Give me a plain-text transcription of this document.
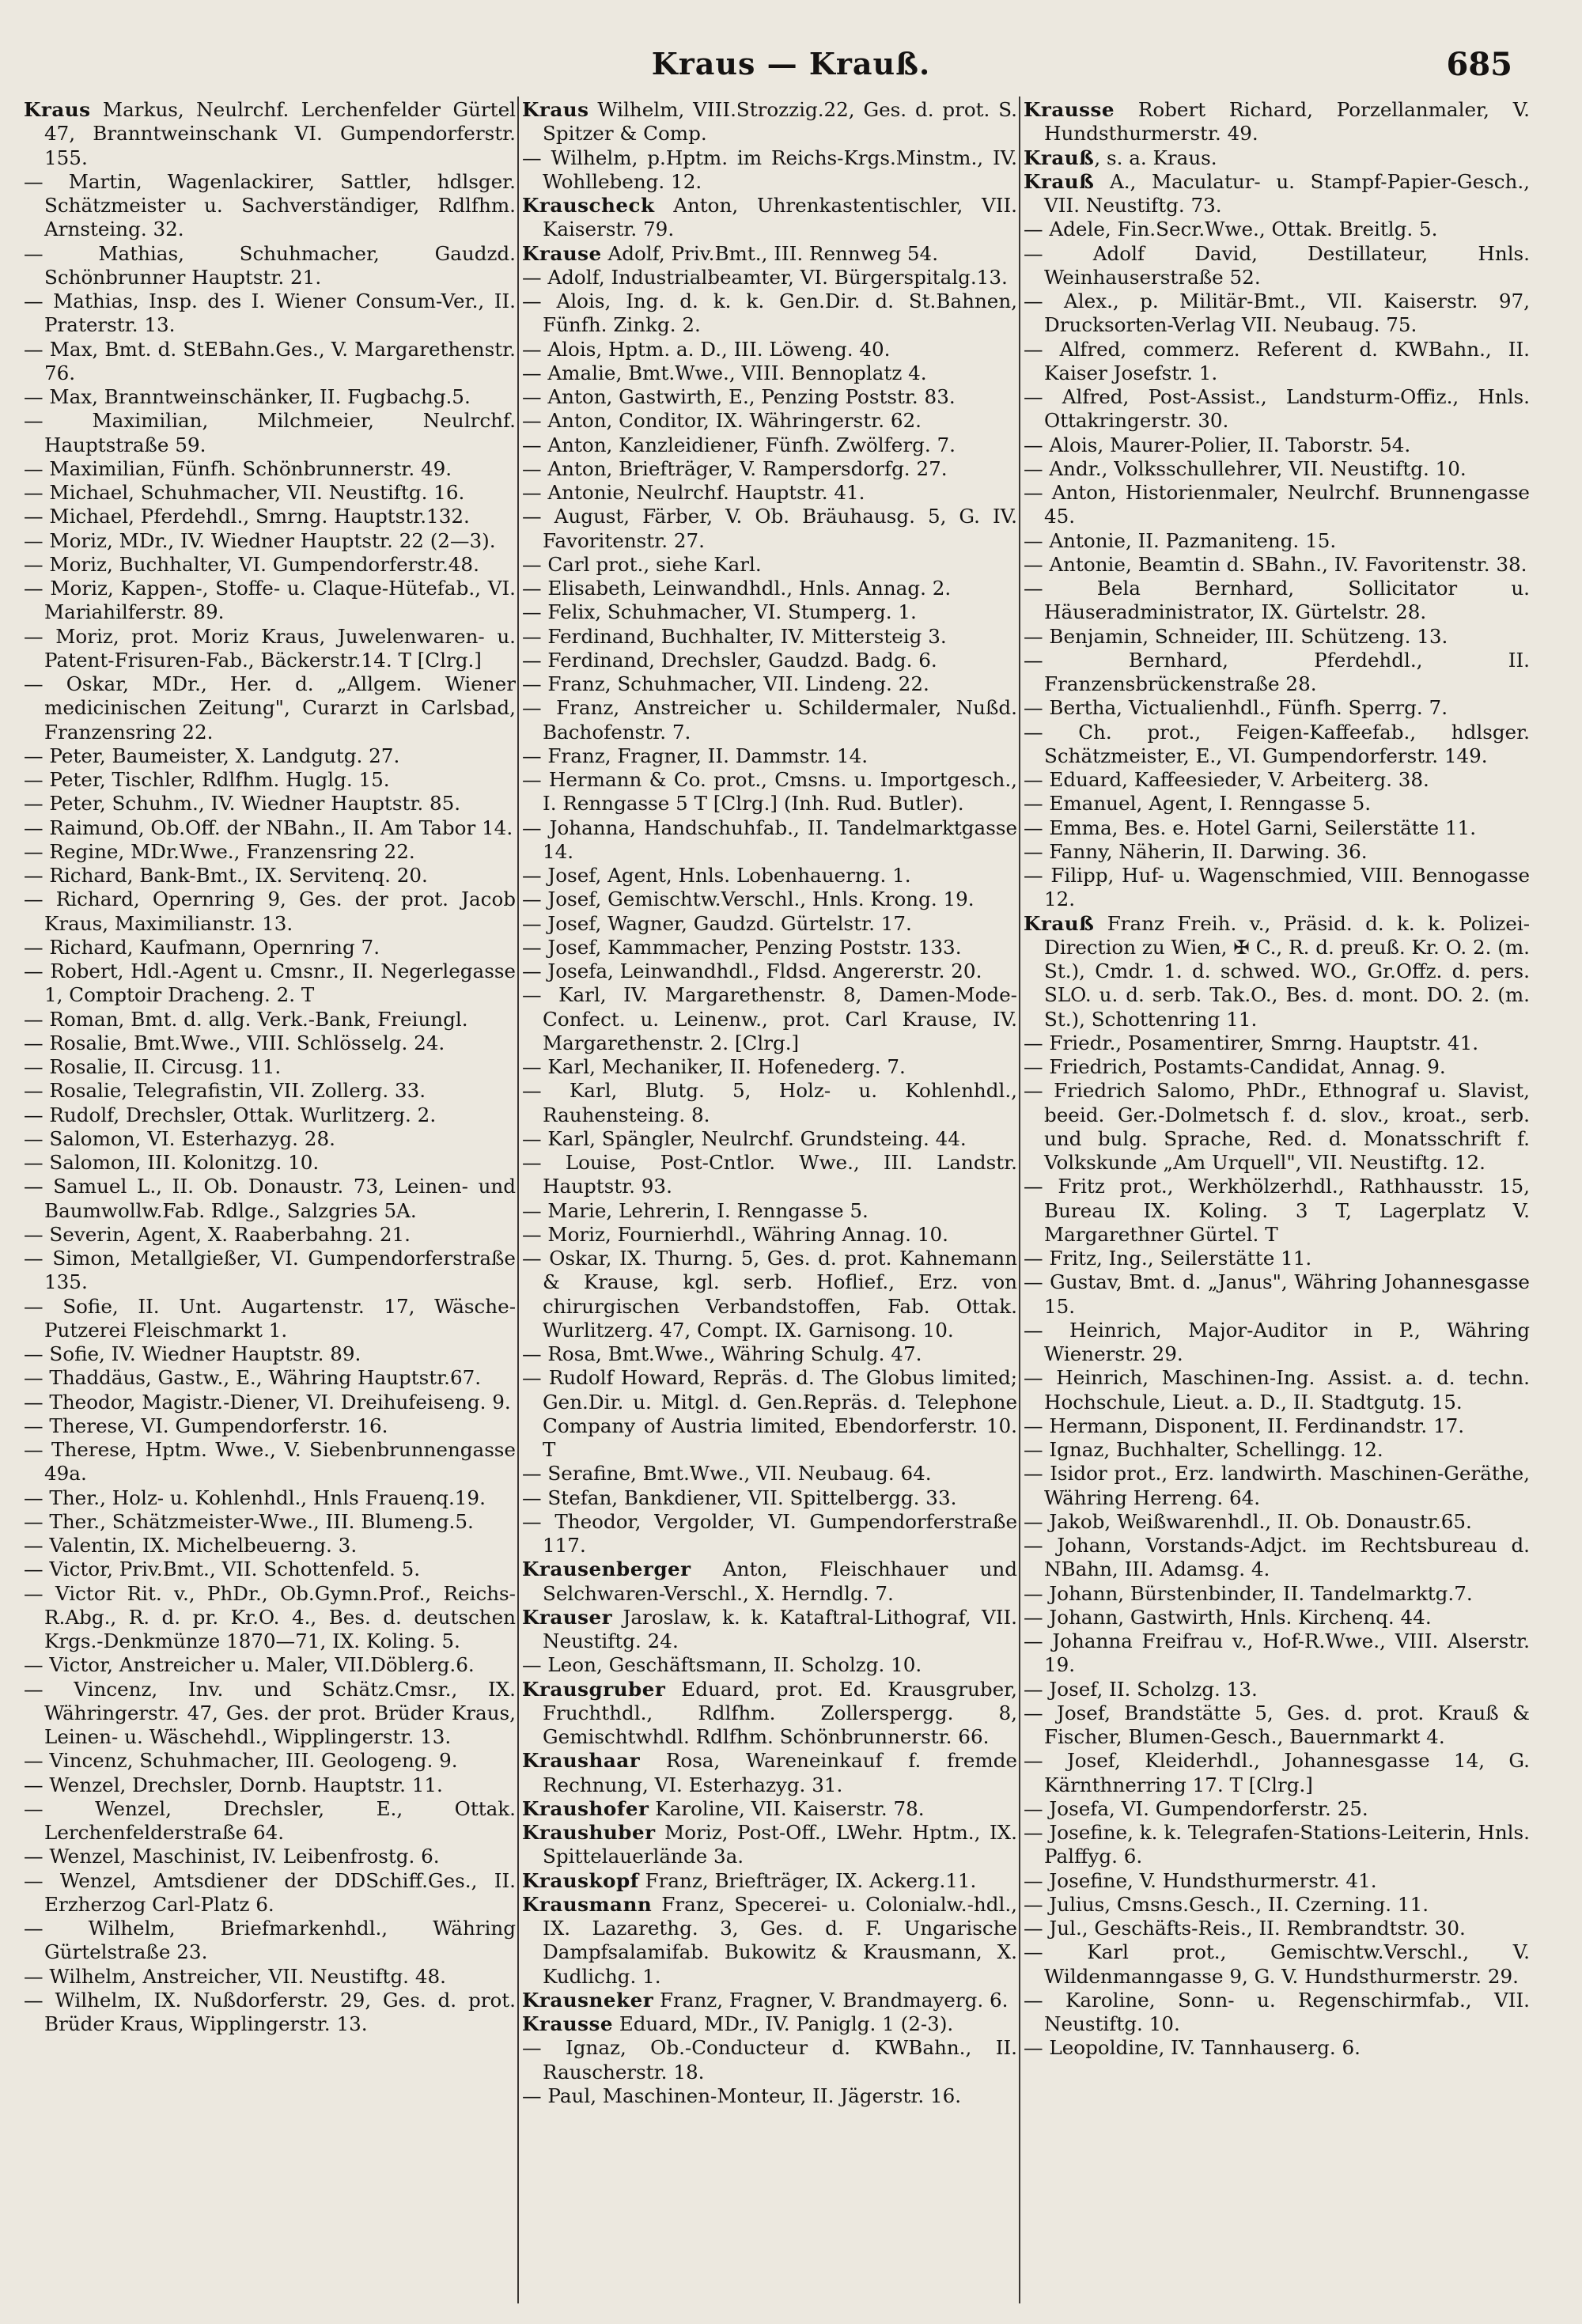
Kraus — Krauß.	685
Kraus Markus, Neulrchf. Lerchenfelder Gürtel 47, Branntweinschank VI. Gumpendorferstr. 155.
— Martin, Wagenlackirer, Sattler, hdlsger. Schätzmeister u. Sachverständiger, Rdlfhm. Arnsteing. 32.
— Mathias, Schuhmacher, Gaudzd. Schönbrunner Hauptstr. 21.
— Mathias, Insp. des I. Wiener Consum-Ver., II. Praterstr. 13.
— Max, Bmt. d. StEBahn.Ges., V. Margarethenstr. 76.
— Max, Branntweinschänker, II. Fugbachg.5.
— Maximilian, Milchmeier, Neulrchf. Hauptstraße 59.
— Maximilian, Fünfh. Schönbrunnerstr. 49.
— Michael, Schuhmacher, VII. Neustiftg. 16.
— Michael, Pferdehdl., Smrng. Hauptstr.132.
— Moriz, MDr., IV. Wiedner Hauptstr. 22 (2—3).
— Moriz, Buchhalter, VI. Gumpendorferstr.48.
— Moriz, Kappen-, Stoffe- u. Claque-Hütefab., VI. Mariahilferstr. 89.
— Moriz, prot. Moriz Kraus, Juwelenwaren- u. Patent-Frisuren-Fab., Bäckerstr.14. T [Clrg.]
— Oskar, MDr., Her. d. „Allgem. Wiener medicinischen Zeitung", Curarzt in Carlsbad, Franzensring 22.
— Peter, Baumeister, X. Landgutg. 27.
— Peter, Tischler, Rdlfhm. Huglg. 15.
— Peter, Schuhm., IV. Wiedner Hauptstr. 85.
— Raimund, Ob.Off. der NBahn., II. Am Tabor 14.
— Regine, MDr.Wwe., Franzensring 22.
— Richard, Bank-Bmt., IX. Servitenq. 20.
— Richard, Opernring 9, Ges. der prot. Jacob Kraus, Maximilianstr. 13.
— Richard, Kaufmann, Opernring 7.
— Robert, Hdl.-Agent u. Cmsnr., II. Negerlegasse 1, Comptoir Dracheng. 2. T
— Roman, Bmt. d. allg. Verk.-Bank, Freiungl.
— Rosalie, Bmt.Wwe., VIII. Schlösselg. 24.
— Rosalie, II. Circusg. 11.
— Rosalie, Telegrafistin, VII. Zollerg. 33.
— Rudolf, Drechsler, Ottak. Wurlitzerg. 2.
— Salomon, VI. Esterhazyg. 28.
— Salomon, III. Kolonitzg. 10.
— Samuel L., II. Ob. Donaustr. 73, Leinen- und Baumwollw.Fab. Rdlge., Salzgries 5A.
— Severin, Agent, X. Raaberbahng. 21.
— Simon, Metallgießer, VI. Gumpendorferstraße 135.
— Sofie, II. Unt. Augartenstr. 17, Wäsche-Putzerei Fleischmarkt 1.
— Sofie, IV. Wiedner Hauptstr. 89.
— Thaddäus, Gastw., E., Währing Hauptstr.67.
— Theodor, Magistr.-Diener, VI. Dreihufeiseng. 9.
— Therese, VI. Gumpendorferstr. 16.
— Therese, Hptm. Wwe., V. Siebenbrunnengasse 49a.
— Ther., Holz- u. Kohlenhdl., Hnls Frauenq.19.
— Ther., Schätzmeister-Wwe., III. Blumeng.5.
— Valentin, IX. Michelbeuerng. 3.
— Victor, Priv.Bmt., VII. Schottenfeld. 5.
— Victor Rit. v., PhDr., Ob.Gymn.Prof., Reichs-R.Abg., R. d. pr. Kr.O. 4., Bes. d. deutschen Krgs.-Denkmünze 1870—71, IX. Koling. 5.
— Victor, Anstreicher u. Maler, VII.Döblerg.6.
— Vincenz, Inv. und Schätz.Cmsr., IX. Währingerstr. 47, Ges. der prot. Brüder Kraus, Leinen- u. Wäschehdl., Wipplingerstr. 13.
— Vincenz, Schuhmacher, III. Geologeng. 9.
— Wenzel, Drechsler, Dornb. Hauptstr. 11.
— Wenzel, Drechsler, E., Ottak. Lerchenfelderstraße 64.
— Wenzel, Maschinist, IV. Leibenfrostg. 6.
— Wenzel, Amtsdiener der DDSchiff.Ges., II. Erzherzog Carl-Platz 6.
— Wilhelm, Briefmarkenhdl., Währing Gürtelstraße 23.
— Wilhelm, Anstreicher, VII. Neustiftg. 48.
— Wilhelm, IX. Nußdorferstr. 29, Ges. d. prot. Brüder Kraus, Wipplingerstr. 13.
Kraus Wilhelm, VIII.Strozzig.22, Ges. d. prot. S. Spitzer & Comp.
— Wilhelm, p.Hptm. im Reichs-Krgs.Minstm., IV. Wohllebeng. 12.
Krauscheck Anton, Uhrenkastentischler, VII. Kaiserstr. 79.
Krause Adolf, Priv.Bmt., III. Rennweg 54.
— Adolf, Industrialbeamter, VI. Bürgerspitalg.13.
— Alois, Ing. d. k. k. Gen.Dir. d. St.Bahnen, Fünfh. Zinkg. 2.
— Alois, Hptm. a. D., III. Löweng. 40.
— Amalie, Bmt.Wwe., VIII. Bennoplatz 4.
— Anton, Gastwirth, E., Penzing Poststr. 83.
— Anton, Conditor, IX. Währingerstr. 62.
— Anton, Kanzleidiener, Fünfh. Zwölferg. 7.
— Anton, Briefträger, V. Rampersdorfg. 27.
— Antonie, Neulrchf. Hauptstr. 41.
— August, Färber, V. Ob. Bräuhausg. 5, G. IV. Favoritenstr. 27.
— Carl prot., siehe Karl.
— Elisabeth, Leinwandhdl., Hnls. Annag. 2.
— Felix, Schuhmacher, VI. Stumperg. 1.
— Ferdinand, Buchhalter, IV. Mittersteig 3.
— Ferdinand, Drechsler, Gaudzd. Badg. 6.
— Franz, Schuhmacher, VII. Lindeng. 22.
— Franz, Anstreicher u. Schildermaler, Nußd. Bachofenstr. 7.
— Franz, Fragner, II. Dammstr. 14.
— Hermann & Co. prot., Cmsns. u. Importgesch., I. Renngasse 5 T [Clrg.] (Inh. Rud. Butler).
— Johanna, Handschuhfab., II. Tandelmarktgasse 14.
— Josef, Agent, Hnls. Lobenhauerng. 1.
— Josef, Gemischtw.Verschl., Hnls. Krong. 19.
— Josef, Wagner, Gaudzd. Gürtelstr. 17.
— Josef, Kammmacher, Penzing Poststr. 133.
— Josefa, Leinwandhdl., Fldsd. Angererstr. 20.
— Karl, IV. Margarethenstr. 8, Damen-Mode-Confect. u. Leinenw., prot. Carl Krause, IV. Margarethenstr. 2. [Clrg.]
— Karl, Mechaniker, II. Hofenederg. 7.
— Karl, Blutg. 5, Holz- u. Kohlenhdl., Rauhensteing. 8.
— Karl, Spängler, Neulrchf. Grundsteing. 44.
— Louise, Post-Cntlor. Wwe., III. Landstr. Hauptstr. 93.
— Marie, Lehrerin, I. Renngasse 5.
— Moriz, Fournierhdl., Währing Annag. 10.
— Oskar, IX. Thurng. 5, Ges. d. prot. Kahnemann & Krause, kgl. serb. Hoflief., Erz. von chirurgischen Verbandstoffen, Fab. Ottak. Wurlitzerg. 47, Compt. IX. Garnisong. 10.
— Rosa, Bmt.Wwe., Währing Schulg. 47.
— Rudolf Howard, Repräs. d. The Globus limited; Gen.Dir. u. Mitgl. d. Gen.Repräs. d. Telephone Company of Austria limited, Ebendorferstr. 10. T
— Serafine, Bmt.Wwe., VII. Neubaug. 64.
— Stefan, Bankdiener, VII. Spittelbergg. 33.
— Theodor, Vergolder, VI. Gumpendorferstraße 117.
Krausenberger Anton, Fleischhauer und Selchwaren-Verschl., X. Herndlg. 7.
Krauser Jaroslaw, k. k. Kataftral-Lithograf, VII. Neustiftg. 24.
— Leon, Geschäftsmann, II. Scholzg. 10.
Krausgruber Eduard, prot. Ed. Krausgruber, Fruchthdl., Rdlfhm. Zollerspergg. 8, Gemischtwhdl. Rdlfhm. Schönbrunnerstr. 66.
Kraushaar Rosa, Wareneinkauf f. fremde Rechnung, VI. Esterhazyg. 31.
Kraushofer Karoline, VII. Kaiserstr. 78.
Kraushuber Moriz, Post-Off., LWehr. Hptm., IX. Spittelauerlände 3a.
Krauskopf Franz, Briefträger, IX. Ackerg.11.
Krausmann Franz, Specerei- u. Colonialw.-hdl., IX. Lazarethg. 3, Ges. d. F. Ungarische Dampfsalamifab. Bukowitz & Krausmann, X. Kudlichg. 1.
Krausneker Franz, Fragner, V. Brandmayerg. 6.
Krausse Eduard, MDr., IV. Paniglg. 1 (2-3).
— Ignaz, Ob.-Conducteur d. KWBahn., II. Rauscherstr. 18.
— Paul, Maschinen-Monteur, II. Jägerstr. 16.
Krausse Robert Richard, Porzellanmaler, V. Hundsthurmerstr. 49.
Krauß, s. a. Kraus.
Krauß A., Maculatur- u. Stampf-Papier-Gesch., VII. Neustiftg. 73.
— Adele, Fin.Secr.Wwe., Ottak. Breitlg. 5.
— Adolf David, Destillateur, Hnls. Weinhauserstraße 52.
— Alex., p. Militär-Bmt., VII. Kaiserstr. 97, Drucksorten-Verlag VII. Neubaug. 75.
— Alfred, commerz. Referent d. KWBahn., II. Kaiser Josefstr. 1.
— Alfred, Post-Assist., Landsturm-Offiz., Hnls. Ottakringerstr. 30.
— Alois, Maurer-Polier, II. Taborstr. 54.
— Andr., Volksschullehrer, VII. Neustiftg. 10.
— Anton, Historienmaler, Neulrchf. Brunnengasse 45.
— Antonie, II. Pazmaniteng. 15.
— Antonie, Beamtin d. SBahn., IV. Favoritenstr. 38.
— Bela Bernhard, Sollicitator u. Häuseradministrator, IX. Gürtelstr. 28.
— Benjamin, Schneider, III. Schützeng. 13.
— Bernhard, Pferdehdl., II. Franzensbrückenstraße 28.
— Bertha, Victualienhdl., Fünfh. Sperrg. 7.
— Ch. prot., Feigen-Kaffeefab., hdlsger. Schätzmeister, E., VI. Gumpendorferstr. 149.
— Eduard, Kaffeesieder, V. Arbeiterg. 38.
— Emanuel, Agent, I. Renngasse 5.
— Emma, Bes. e. Hotel Garni, Seilerstätte 11.
— Fanny, Näherin, II. Darwing. 36.
— Filipp, Huf- u. Wagenschmied, VIII. Bennogasse 12.
Krauß Franz Freih. v., Präsid. d. k. k. Polizei-Direction zu Wien, ✠ C., R. d. preuß. Kr. O. 2. (m. St.), Cmdr. 1. d. schwed. WO., Gr.Offz. d. pers. SLO. u. d. serb. Tak.O., Bes. d. mont. DO. 2. (m. St.), Schottenring 11.
— Friedr., Posamentirer, Smrng. Hauptstr. 41.
— Friedrich, Postamts-Candidat, Annag. 9.
— Friedrich Salomo, PhDr., Ethnograf u. Slavist, beeid. Ger.-Dolmetsch f. d. slov., kroat., serb. und bulg. Sprache, Red. d. Monatsschrift f. Volkskunde „Am Urquell", VII. Neustiftg. 12.
— Fritz prot., Werkhölzerhdl., Rathhausstr. 15, Bureau IX. Koling. 3 T, Lagerplatz V. Margarethner Gürtel. T
— Fritz, Ing., Seilerstätte 11.
— Gustav, Bmt. d. „Janus", Währing Johannesgasse 15.
— Heinrich, Major-Auditor in P., Währing Wienerstr. 29.
— Heinrich, Maschinen-Ing. Assist. a. d. techn. Hochschule, Lieut. a. D., II. Stadtgutg. 15.
— Hermann, Disponent, II. Ferdinandstr. 17.
— Ignaz, Buchhalter, Schellingg. 12.
— Isidor prot., Erz. landwirth. Maschinen-Geräthe, Währing Herreng. 64.
— Jakob, Weißwarenhdl., II. Ob. Donaustr.65.
— Johann, Vorstands-Adjct. im Rechtsbureau d. NBahn, III. Adamsg. 4.
— Johann, Bürstenbinder, II. Tandelmarktg.7.
— Johann, Gastwirth, Hnls. Kirchenq. 44.
— Johanna Freifrau v., Hof-R.Wwe., VIII. Alserstr. 19.
— Josef, II. Scholzg. 13.
— Josef, Brandstätte 5, Ges. d. prot. Krauß & Fischer, Blumen-Gesch., Bauernmarkt 4.
— Josef, Kleiderhdl., Johannesgasse 14, G. Kärnthnerring 17. T [Clrg.]
— Josefa, VI. Gumpendorferstr. 25.
— Josefine, k. k. Telegrafen-Stations-Leiterin, Hnls. Palffyg. 6.
— Josefine, V. Hundsthurmerstr. 41.
— Julius, Cmsns.Gesch., II. Czerning. 11.
— Jul., Geschäfts-Reis., II. Rembrandtstr. 30.
— Karl prot., Gemischtw.Verschl., V. Wildenmanngasse 9, G. V. Hundsthurmerstr. 29.
— Karoline, Sonn- u. Regenschirmfab., VII. Neustiftg. 10.
— Leopoldine, IV. Tannhauserg. 6.
